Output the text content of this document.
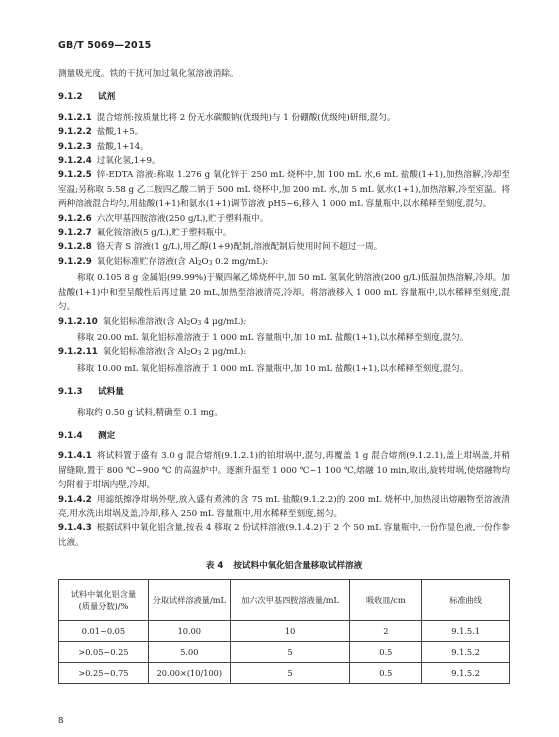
GB/T 5069—2015

测量吸光度。铁的干扰可加过氧化氢溶液消除。

9.1.2 试剂

9.1.2.1 混合熔剂:按质量比将 2 份无水碳酸钠(优级纯)与 1 份硼酸(优级纯)研细,混匀。

9.1.2.2 盐酸,1+5。

9.1.2.3 盐酸,1+14。

9.1.2.4 过氧化氢,1+9。

9.1.2.5 锌-EDTA 溶液:称取 1.276 g 氧化锌于 250 mL 烧杯中,加 100 mL 水,6 mL 盐酸(1+1),加热溶解,冷却至室温;另称取 5.58 g 乙二胺四乙酸二钠于 500 mL 烧杯中,加 200 mL 水,加 5 mL 氨水(1+1),加热溶解,冷至室温。将两种溶液混合均匀,用盐酸(1+1)和氨水(1+1)调节溶液 pH5~6,移入 1 000 mL 容量瓶中,以水稀释至刻度,混匀。

9.1.2.6 六次甲基四胺溶液(250 g/L),贮于塑料瓶中。

9.1.2.7 氟化铵溶液(5 g/L),贮于塑料瓶中。

9.1.2.8 铬天青 S 溶液(1 g/L),用乙醇(1+9)配制,溶液配制后使用时间不超过一周。

9.1.2.9 氧化铝标准贮存溶液(含 $Al_2O_3$ 0.2 mg/mL):

称取 0.105 8 g 金属铝(99.99%)于聚四氟乙烯烧杯中,加 50 mL 氢氧化钠溶液(200 g/L)低温加热溶解,冷却。加盐酸(1+1)中和至呈酸性后再过量 20 mL,加热至溶液清亮,冷却。将溶液移入 1 000 mL 容量瓶中,以水稀释至刻度,混匀。

9.1.2.10 氧化铝标准溶液(含 $Al_2O_3$ 4 μg/mL):

移取 20.00 mL 氧化铝标准溶液于 1 000 mL 容量瓶中,加 10 mL 盐酸(1+1),以水稀释至刻度,混匀。

9.1.2.11 氧化铝标准溶液(含 $Al_2O_3$ 2 μg/mL):

移取 10.00 mL 氧化铝标准溶液于 1 000 mL 容量瓶中,加 10 mL 盐酸(1+1),以水稀释至刻度,混匀。

9.1.3 试料量

称取约 0.50 g 试料,精确至 0.1 mg。

9.1.4 测定

9.1.4.1 将试料置于盛有 3.0 g 混合熔剂(9.1.2.1)的铂坩埚中,混匀,再覆盖 1 g 混合熔剂(9.1.2.1),盖上坩埚盖,并稍留缝隙,置于 800 ℃~900 ℃ 的高温炉中。逐渐升温至 1 000 ℃~1 100 ℃,熔融 10 min,取出,旋转坩埚,使熔融物均匀附着于坩埚内壁,冷却。

9.1.4.2 用滤纸擦净坩埚外壁,放入盛有煮沸的含 75 mL 盐酸(9.1.2.2)的 200 mL 烧杯中,加热浸出熔融物至溶液清亮,用水洗出坩埚及盖,冷却,移入 250 mL 容量瓶中,用水稀释至刻度,摇匀。

9.1.4.3 根据试料中氧化铝含量,按表 4 移取 2 份试样溶液(9.1.4.2)于 2 个 50 mL 容量瓶中,一份作显色液,一份作参比液。

表 4 按试料中氧化铝含量移取试样溶液

试料中氧化铝含量
(质量分数)/%	分取试样溶液量/mL	加六次甲基四胺溶液量/mL	吸收皿/cm	标准曲线
0.01~0.05	10.00	10	2	9.1.5.1
>0.05~0.25	5.00	5	0.5	9.1.5.2
>0.25~0.75	20.00×(10/100)	5	0.5	9.1.5.2
8
